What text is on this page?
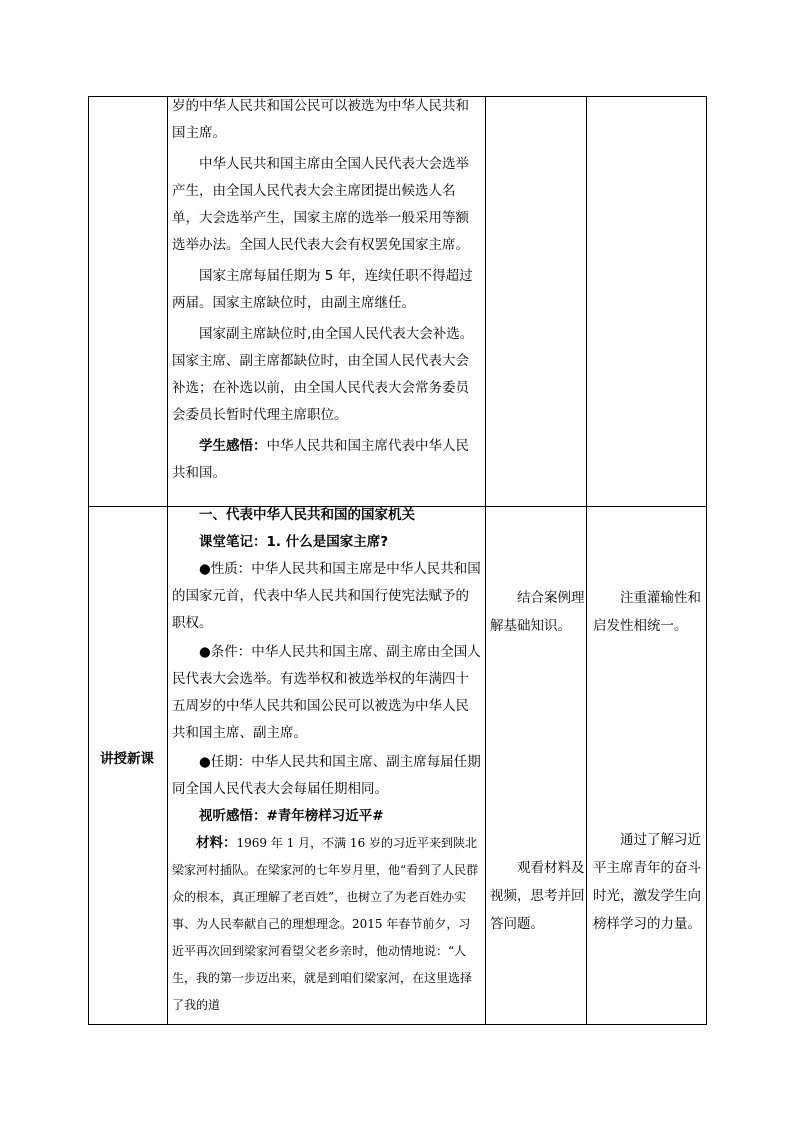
岁的中华人民共和国公民可以被选为中华人民共和国主席。

中华人民共和国主席由全国人民代表大会选举产生，由全国人民代表大会主席团提出候选人名单，大会选举产生，国家主席的选举一般采用等额选举办法。全国人民代表大会有权罢免国家主席。

国家主席每届任期为 5 年，连续任职不得超过两届。国家主席缺位时，由副主席继任。

国家副主席缺位时,由全国人民代表大会补选。国家主席、副主席都缺位时，由全国人民代表大会补选；在补选以前，由全国人民代表大会常务委员会委员长暂时代理主席职位。

学生感悟：中华人民共和国主席代表中华人民共和国。

讲授新课

一、代表中华人民共和国的国家机关

课堂笔记：1. 什么是国家主席?

●性质：中华人民共和国主席是中华人民共和国的国家元首，代表中华人民共和国行使宪法赋予的职权。

●条件：中华人民共和国主席、副主席由全国人民代表大会选举。有选举权和被选举权的年满四十五周岁的中华人民共和国公民可以被选为中华人民共和国主席、副主席。

●任期：中华人民共和国主席、副主席每届任期同全国人民代表大会每届任期相同。

视听感悟：#青年榜样习近平#

材料：1969 年 1 月，不满 16 岁的习近平来到陕北梁家河村插队。在梁家河的七年岁月里，他“看到了人民群众的根本，真正理解了老百姓”，也树立了为老百姓办实事、为人民奉献自己的理想理念。2015 年春节前夕，习近平再次回到梁家河看望父老乡亲时，他动情地说：“人生，我的第一步迈出来，就是到咱们梁家河，在这里选择了我的道

结合案例理解基础知识。

观看材料及视频，思考并回答问题。

注重灌输性和启发性相统一。

通过了解习近平主席青年的奋斗时光，激发学生向榜样学习的力量。
